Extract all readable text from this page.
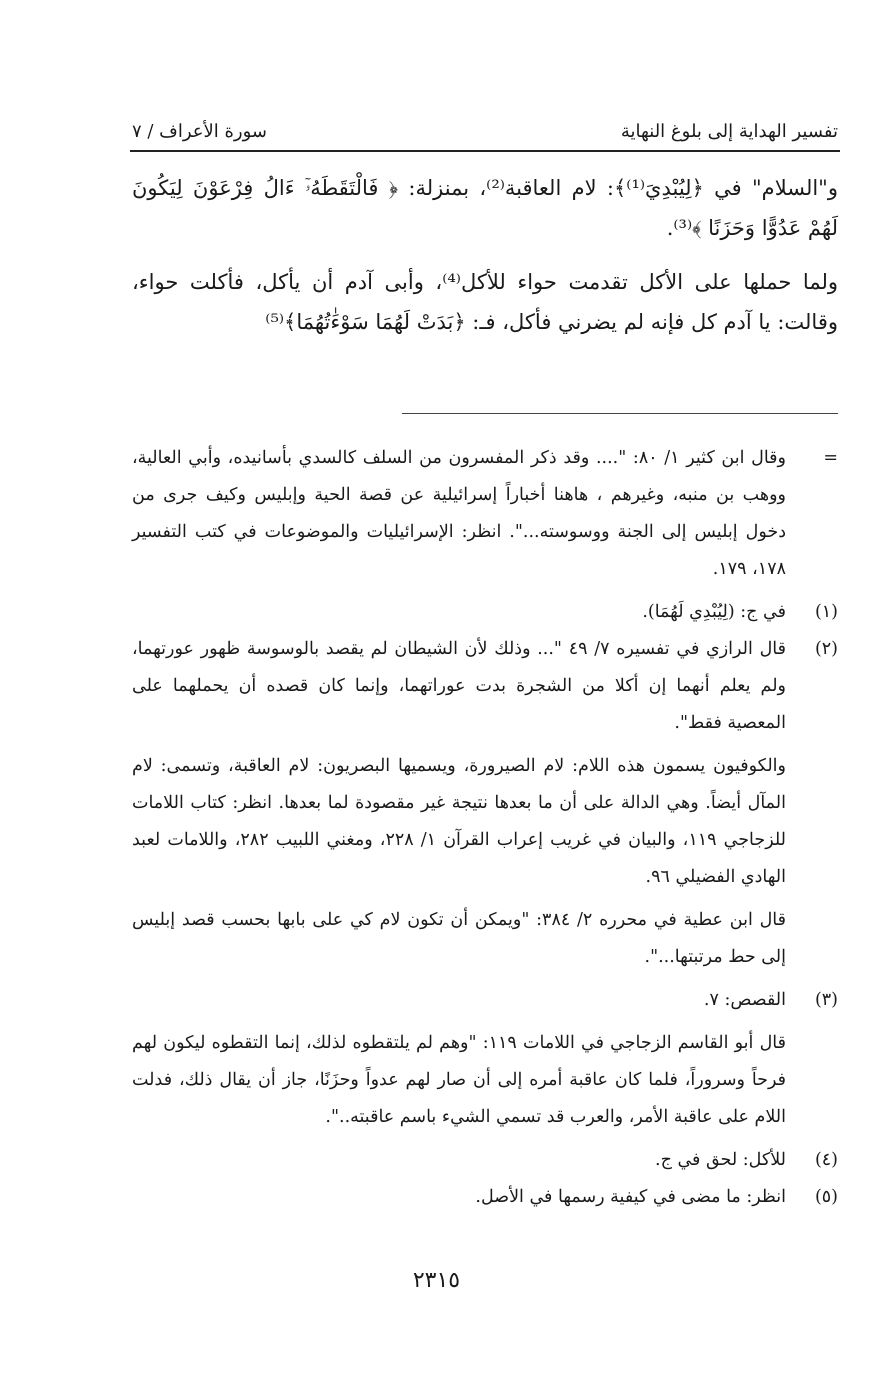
تفسير الهداية إلى بلوغ النهاية
سورة الأعراف / ٧

و"السلام" في ﴿لِيُبْدِيَ⁽¹⁾﴾: لام العاقبة⁽²⁾، بمنزلة: ﴿ فَالْتَقَطَهُۥٓ ءَالُ فِرْعَوْنَ لِيَكُونَ لَهُمْ عَدُوًّا وَحَزَنًا ﴾⁽³⁾.

ولما حملها على الأكل تقدمت حواء للأكل⁽⁴⁾، وأبى آدم أن يأكل، فأكلت حواء، وقالت: يا آدم كل فإنه لم يضرني فأكل، فـ: ﴿بَدَتْ لَهُمَا سَوْءَٰتُهُمَا﴾⁽⁵⁾

=
وقال ابن كثير ١/ ٨٠: ".... وقد ذكر المفسرون من السلف كالسدي بأسانيده، وأبي العالية، ووهب بن منبه، وغيرهم ، هاهنا أخباراً إسرائيلية عن قصة الحية وإبليس وكيف جرى من دخول إبليس إلى الجنة ووسوسته...". انظر: الإسرائيليات والموضوعات في كتب التفسير ١٧٨، ١٧٩.
(١)
في ج: (لِيُبْدِي لَهُمَا).
(٢)
قال الرازي في تفسيره ٧/ ٤٩ "... وذلك لأن الشيطان لم يقصد بالوسوسة ظهور عورتهما، ولم يعلم أنهما إن أكلا من الشجرة بدت عوراتهما، وإنما كان قصده أن يحملهما على المعصية فقط".

والكوفيون يسمون هذه اللام: لام الصيرورة، ويسميها البصريون: لام العاقبة، وتسمى: لام المآل أيضاً. وهي الدالة على أن ما بعدها نتيجة غير مقصودة لما بعدها. انظر: كتاب اللامات للزجاجي ١١٩، والبيان في غريب إعراب القرآن ١/ ٢٢٨، ومغني اللبيب ٢٨٢، واللامات لعبد الهادي الفضيلي ٩٦.

قال ابن عطية في محرره ٢/ ٣٨٤: "ويمكن أن تكون لام كي على بابها بحسب قصد إبليس إلى حط مرتبتها...".

(٣)
القصص: ٧.

قال أبو القاسم الزجاجي في اللامات ١١٩: "وهم لم يلتقطوه لذلك، إنما التقطوه ليكون لهم فرحاً وسروراً، فلما كان عاقبة أمره إلى أن صار لهم عدواً وحزَنًا، جاز أن يقال ذلك، فدلت اللام على عاقبة الأمر، والعرب قد تسمي الشيء باسم عاقبته..".

(٤)
للأكل: لحق في ج.
(٥)
انظر: ما مضى في كيفية رسمها في الأصل.
٢٣١٥
